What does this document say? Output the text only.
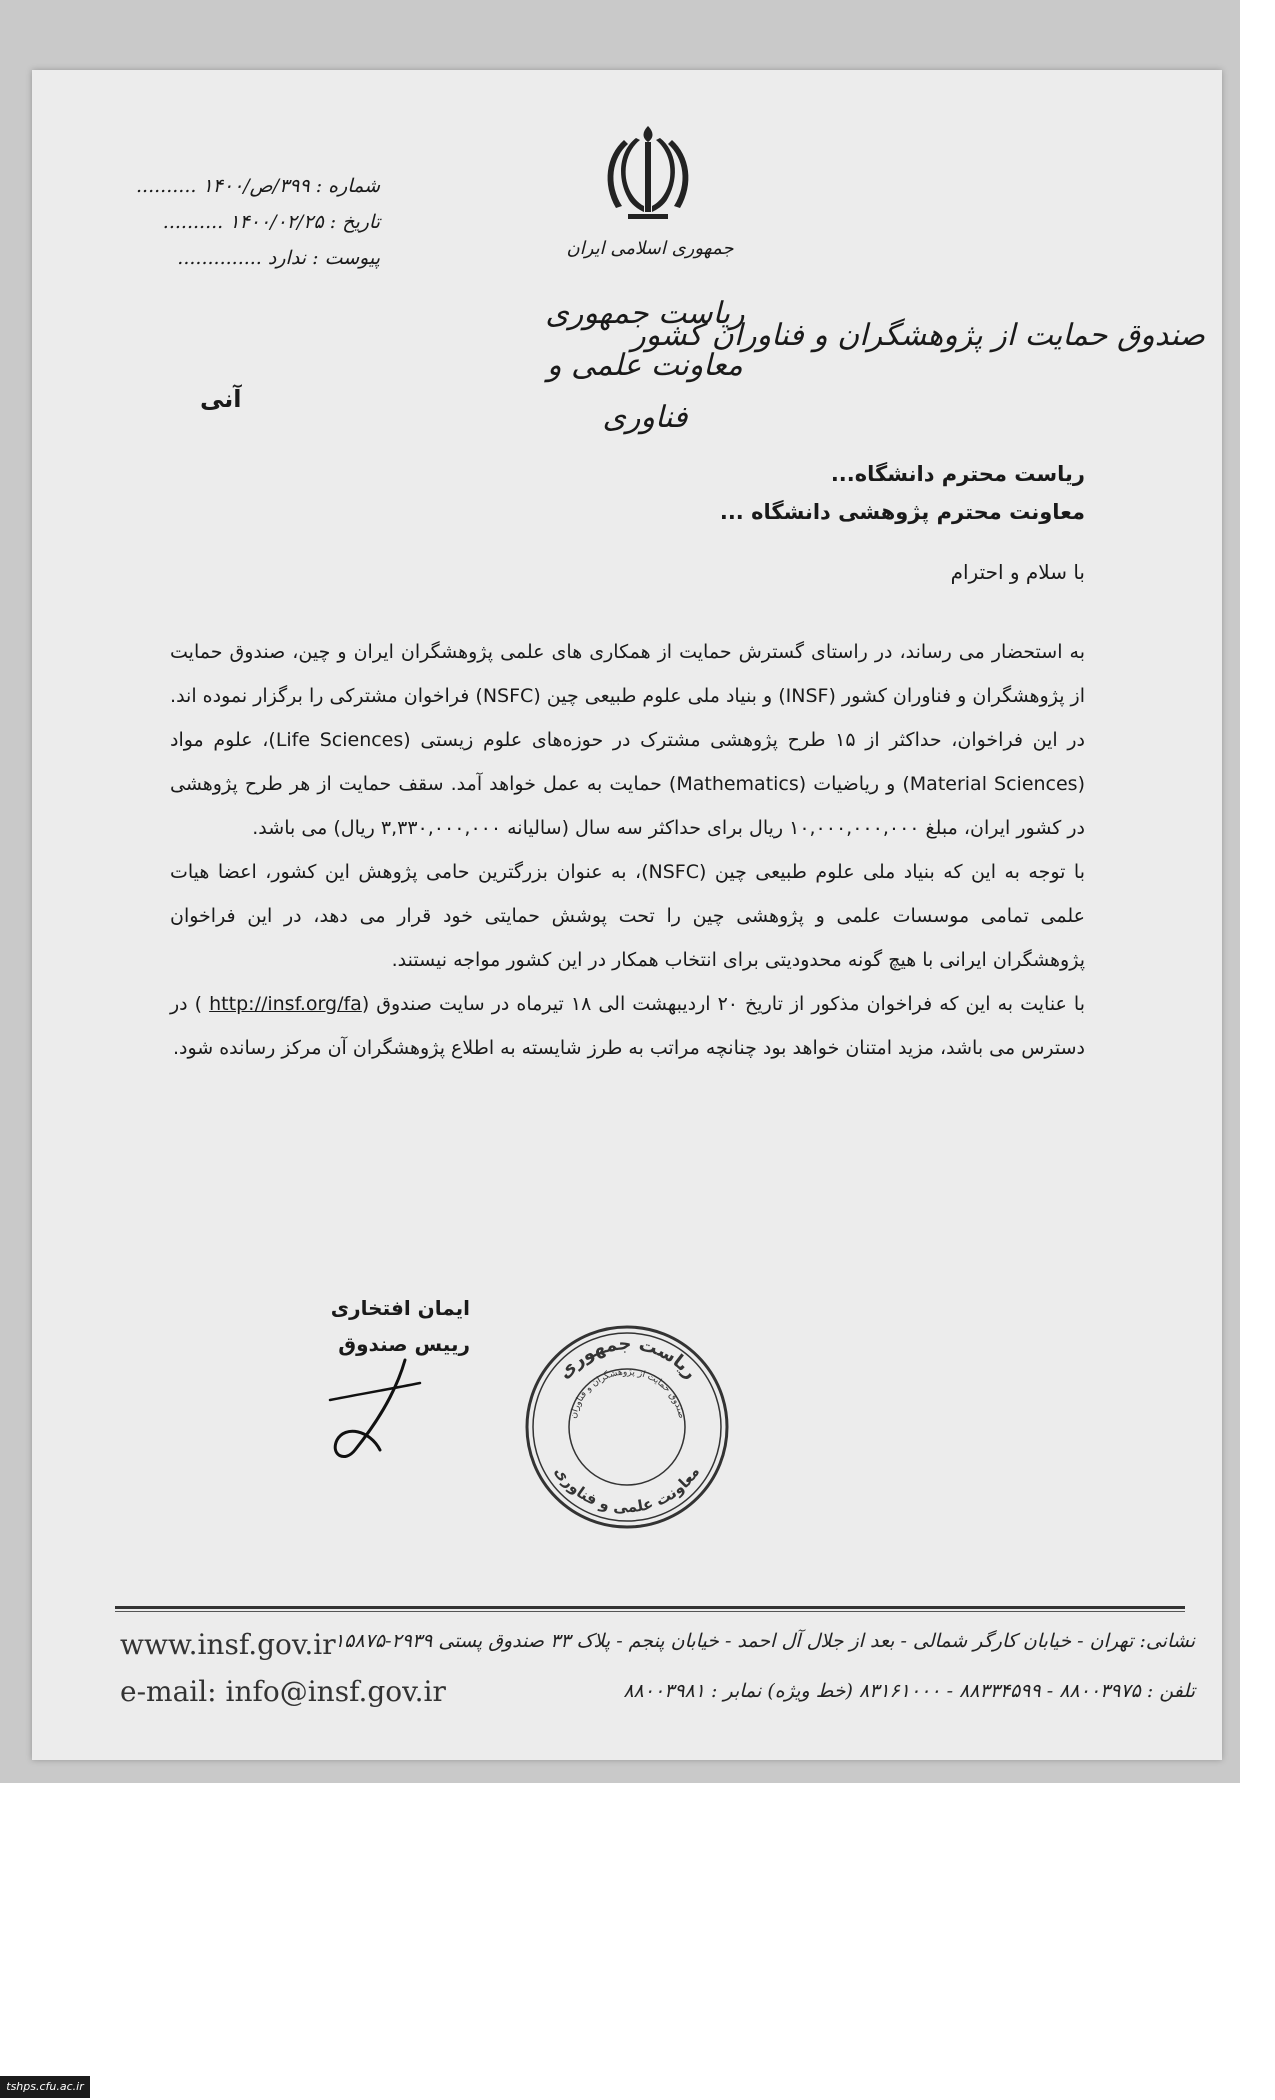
شماره : ۳۹۹/ص/۱۴۰۰ ..........
تاریخ : ۱۴۰۰/۰۲/۲۵ ..........
پیوست : ندارد ..............
آنی
جمهوری اسلامی ایران
ریاست جمهوری
معاونت علمی و فناوری
صندوق حمایت از پژوهشگران و فناوران کشور
ریاست محترم دانشگاه...
معاونت محترم پژوهشی دانشگاه ...
با سلام و احترام

به استحضار می رساند، در راستای گسترش حمایت از همکاری های علمی پژوهشگران ایران و چین، صندوق حمایت از پژوهشگران و فناوران کشور (INSF) و بنیاد ملی علوم طبیعی چین (NSFC) فراخوان مشترکی را برگزار نموده اند.

در این فراخوان، حداکثر از ۱۵ طرح پژوهشی مشترک در حوزه‌های علوم زیستی (Life Sciences)، علوم مواد (Material Sciences) و ریاضیات (Mathematics) حمایت به عمل خواهد آمد. سقف حمایت از هر طرح پژوهشی در کشور ایران، مبلغ ۱۰,۰۰۰,۰۰۰,۰۰۰ ریال برای حداکثر سه سال (سالیانه ۳,۳۳۰,۰۰۰,۰۰۰ ریال) می باشد.

با توجه به این که بنیاد ملی علوم طبیعی چین (NSFC)، به عنوان بزرگترین حامی پژوهش این کشور، اعضا هیات علمی تمامی موسسات علمی و پژوهشی چین را تحت پوشش حمایتی خود قرار می دهد، در این فراخوان پژوهشگران ایرانی با هیچ گونه محدودیتی برای انتخاب همکار در این کشور مواجه نیستند.

با عنایت به این که فراخوان مذکور از تاریخ ۲۰ اردیبهشت الی ۱۸ تیرماه در سایت صندوق (http://insf.org/fa ) در دسترس می باشد، مزید امتنان خواهد بود چنانچه مراتب به طرز شایسته به اطلاع پژوهشگران آن مرکز رسانده شود.

ایمان افتخاری
رییس صندوق
ریاست جمهوری
معاونت علمی و فناوری
صندوق حمایت از پژوهشگران و فناوران
www.insf.gov.ir
e-mail: info@insf.gov.ir
نشانی: تهران - خیابان کارگر شمالی - بعد از جلال آل احمد - خیابان پنجم - پلاک ۳۳ صندوق پستی ۲۹۳۹-۱۵۸۷۵
تلفن : ۸۸۰۰۳۹۷۵ - ۸۸۳۳۴۵۹۹ - ۸۳۱۶۱۰۰۰ (خط ویژه) نمابر : ۸۸۰۰۳۹۸۱
tshps.cfu.ac.ir
